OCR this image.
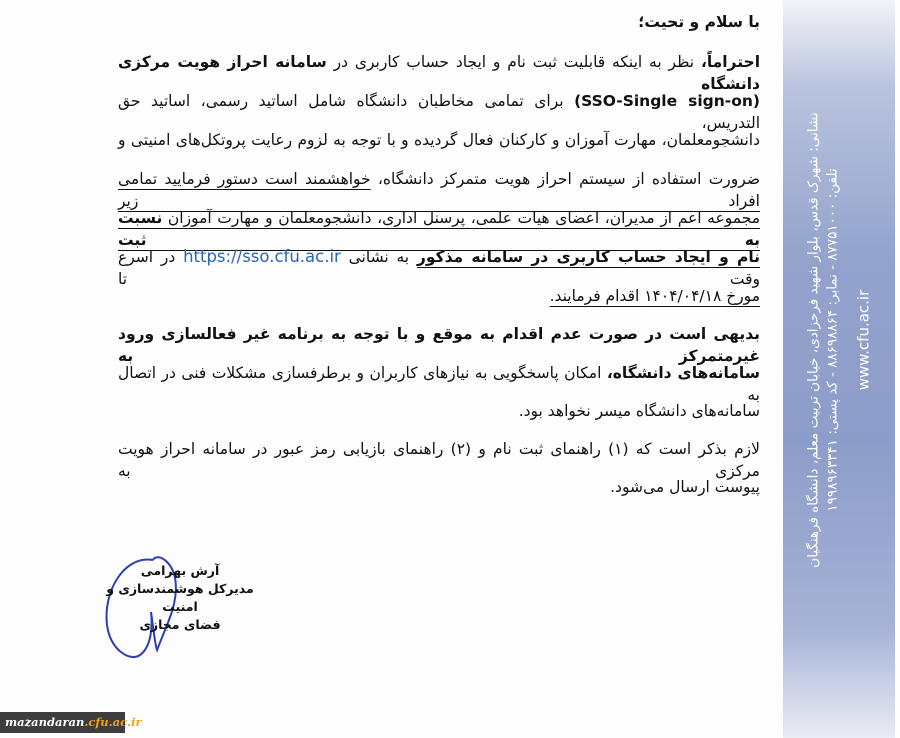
نشانی: شهرک قدس، بلوار شهید فرحزادی، خیابان تربیت معلم، دانشگاه فرهنگیان تلفن: ۸۷۷۵۱۰۰۰ - نمابر: ۸۸۶۹۸۸۶۴ - کد پستی: ۱۹۹۸۹۶۳۳۴۱
www.cfu.ac.ir
با سلام و تحیت؛
احتراماً، نظر به اینکه قابلیت ثبت نام و ایجاد حساب کاربری در سامانه احراز هویت مرکزی دانشگاه
(SSO-Single sign-on) برای تمامی مخاطبان دانشگاه شامل اساتید رسمی، اساتید حق التدریس،
دانشجومعلمان، مهارت آموزان و کارکنان فعال گردیده و با توجه به لزوم رعایت پروتکل‌های امنیتی و
ضرورت استفاده از سیستم احراز هویت متمرکز دانشگاه، خواهشمند است دستور فرمایید تمامی افراد زیر
مجموعه اعم از مدیران، اعضای هیات علمی، پرسنل اداری، دانشجومعلمان و مهارت آموزان نسبت به ثبت
نام و ایجاد حساب کاربری در سامانه مذکور به نشانی https://sso.cfu.ac.ir در اسرع وقت تا
مورخ ۱۴۰۴/۰۴/۱۸ اقدام فرمایند.
بدیهی است در صورت عدم اقدام به موقع و با توجه به برنامه غیر فعالسازی ورود غیرمتمرکز به
سامانه‌های دانشگاه، امکان پاسخگویی به نیازهای کاربران و برطرفسازی مشکلات فنی در اتصال به
سامانه‌های دانشگاه میسر نخواهد بود.
لازم بذکر است که (۱) راهنمای ثبت نام و (۲) راهنمای بازیابی رمز عبور در سامانه احراز هویت مرکزی به
پیوست ارسال می‌شود.
آرش بهرامی
مدیرکل هوشمندسازی و امنیت
فضای مجازی
mazandaran.cfu.ac.ir
